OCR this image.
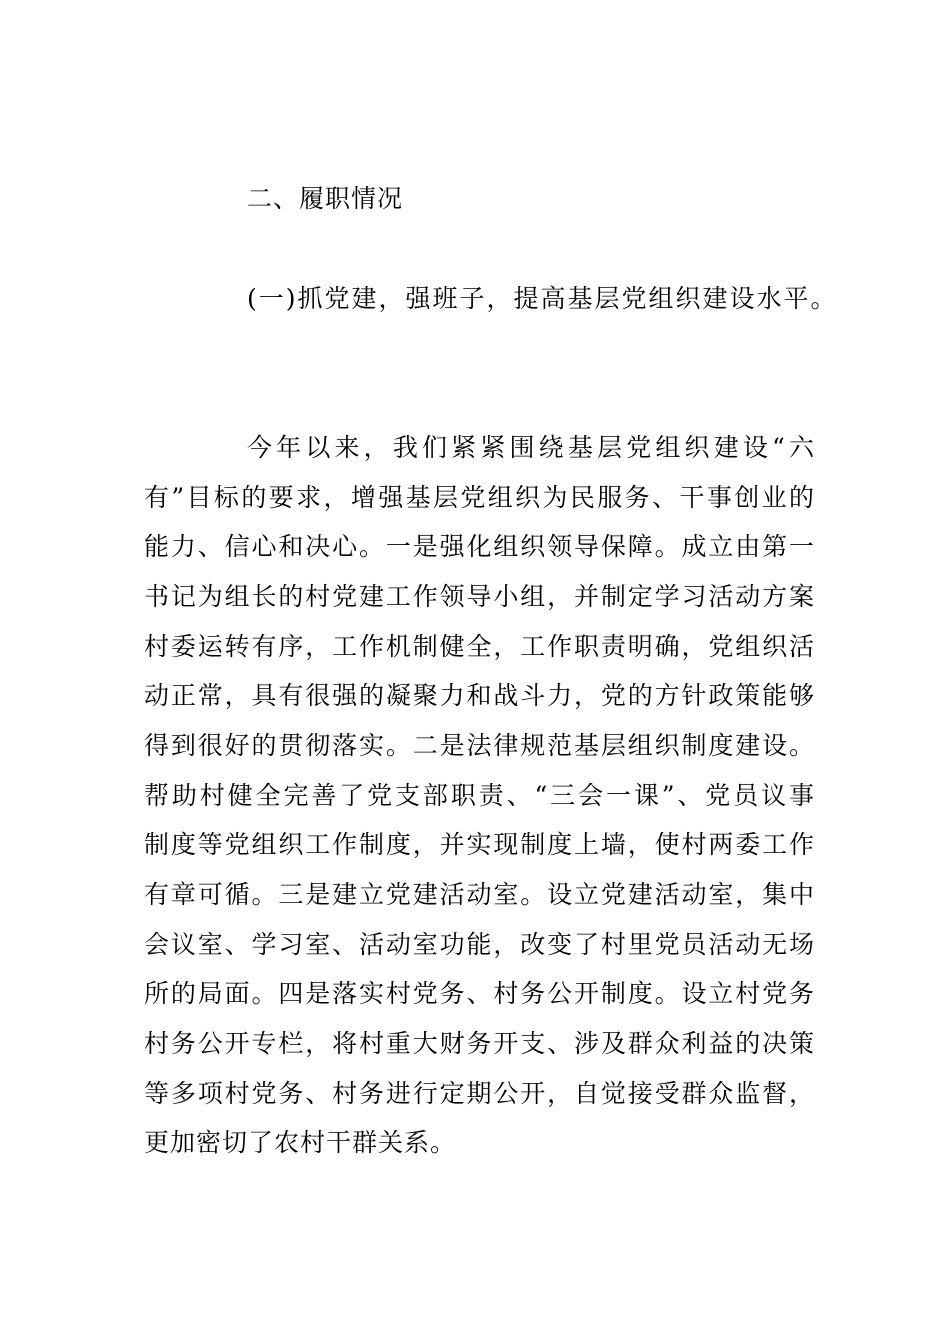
二、履职情况
(一)抓党建，强班子，提高基层党组织建设水平。
今年以来，我们紧紧围绕基层党组织建设“六
有”目标的要求，增强基层党组织为民服务、干事创业的
能力、信心和决心。一是强化组织领导保障。成立由第一
书记为组长的村党建工作领导小组，并制定学习活动方案
村委运转有序，工作机制健全，工作职责明确，党组织活
动正常，具有很强的凝聚力和战斗力，党的方针政策能够
得到很好的贯彻落实。二是法律规范基层组织制度建设。
帮助村健全完善了党支部职责、“三会一课”、党员议事
制度等党组织工作制度，并实现制度上墙，使村两委工作
有章可循。三是建立党建活动室。设立党建活动室，集中
会议室、学习室、活动室功能，改变了村里党员活动无场
所的局面。四是落实村党务、村务公开制度。设立村党务
村务公开专栏，将村重大财务开支、涉及群众利益的决策
等多项村党务、村务进行定期公开，自觉接受群众监督，
更加密切了农村干群关系。
